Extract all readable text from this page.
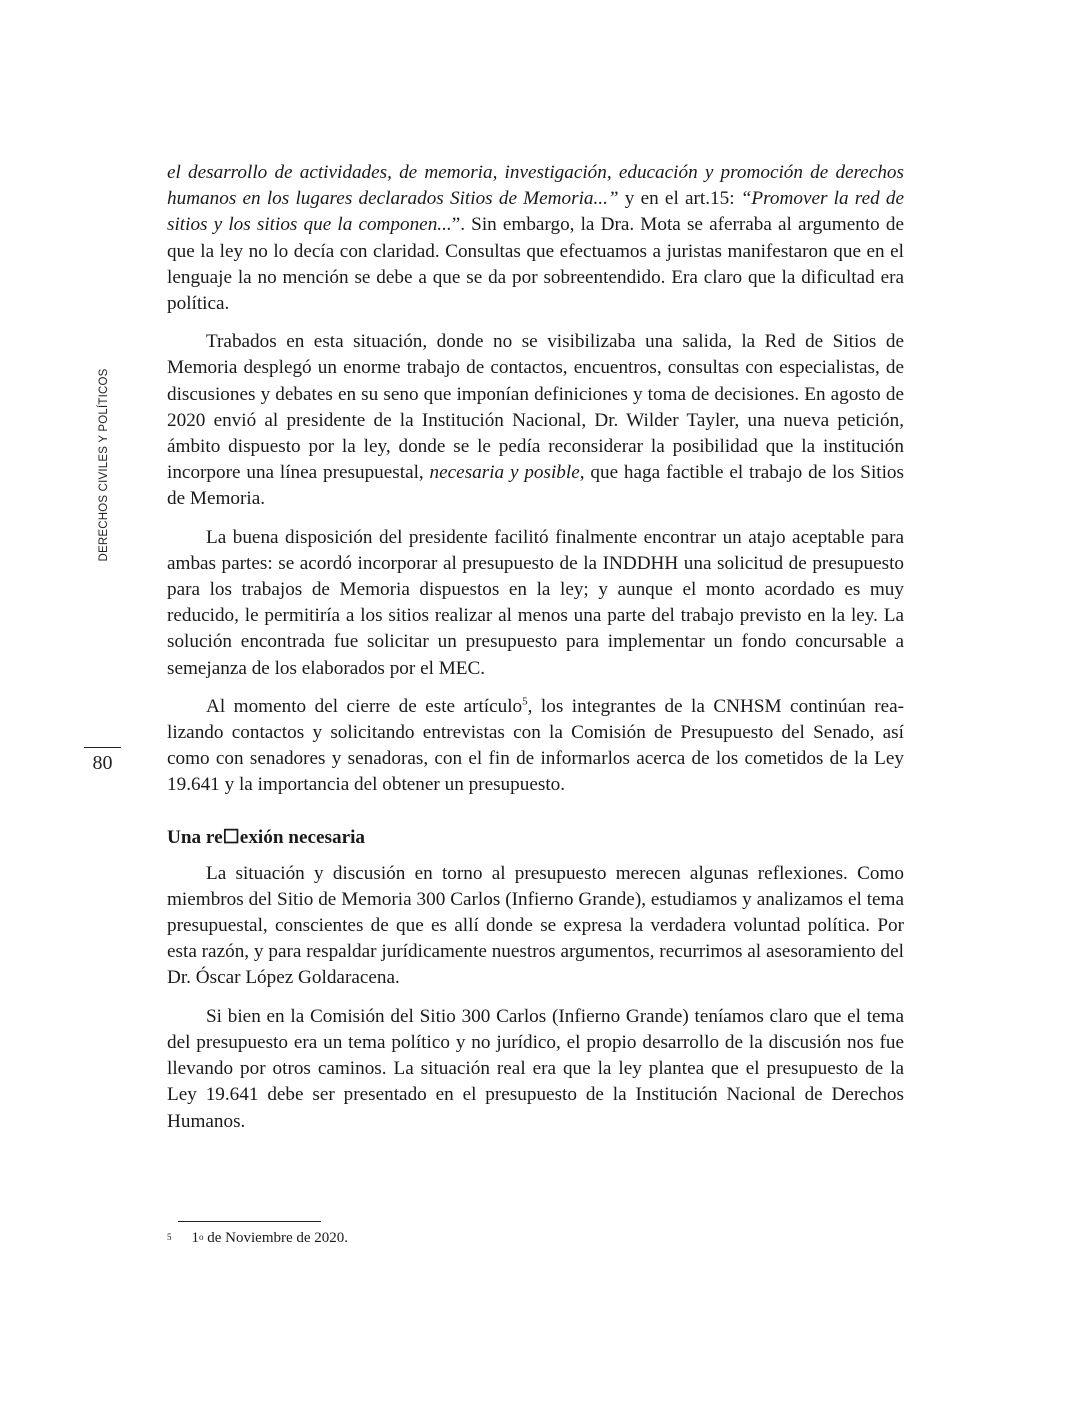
DERECHOS CIVILES Y POLÍTICOS
80

el desarrollo de actividades, de memoria, investigación, educación y promoción de derechos humanos en los lugares declarados Sitios de Memoria...” y en el art.15: “Promover la red de sitios y los sitios que la componen...”. Sin embargo, la Dra. Mota se aferraba al argumento de que la ley no lo decía con claridad. Consultas que efectuamos a juristas manifestaron que en el lenguaje la no mención se debe a que se da por sobreentendido. Era claro que la dificultad era política.

Trabados en esta situación, donde no se visibilizaba una salida, la Red de Sitios de Memoria desplegó un enorme trabajo de contactos, encuentros, consultas con especialistas, de discusiones y debates en su seno que imponían definiciones y toma de decisiones. En agosto de 2020 envió al presidente de la Institución Nacional, Dr. Wilder Tayler, una nueva petición, ámbito dispuesto por la ley, donde se le pedía reconsiderar la posibilidad que la institución incorpore una línea presupuestal, necesaria y posible, que haga factible el trabajo de los Sitios de Memoria.

La buena disposición del presidente facilitó finalmente encontrar un atajo aceptable para ambas partes: se acordó incorporar al presupuesto de la INDDHH una solicitud de presupuesto para los trabajos de Memoria dispuestos en la ley; y aunque el monto acordado es muy reducido, le permitiría a los sitios realizar al menos una parte del trabajo previsto en la ley. La solución encontrada fue solicitar un presupuesto para implementar un fondo concursable a semejanza de los elaborados por el MEC.

Al momento del cierre de este artículo$^5$, los integrantes de la CNHSM continúan realizando contactos y solicitando entrevistas con la Comisión de Presupuesto del Senado, así como con senadores y senadoras, con el fin de informarlos acerca de los cometidos de la Ley 19.641 y la importancia del obtener un presupuesto.

Una re☐exión necesaria

La situación y discusión en torno al presupuesto merecen algunas reflexiones. Como miembros del Sitio de Memoria 300 Carlos (Infierno Grande), estudiamos y analizamos el tema presupuestal, conscientes de que es allí donde se expresa la verdadera voluntad política. Por esta razón, y para respaldar jurídicamente nuestros argumentos, recurrimos al asesoramiento del Dr. Óscar López Goldaracena.

Si bien en la Comisión del Sitio 300 Carlos (Infierno Grande) teníamos claro que el tema del presupuesto era un tema político y no jurídico, el propio desarrollo de la discusión nos fue llevando por otros caminos. La situación real era que la ley plantea que el presupuesto de la Ley 19.641 debe ser presentado en el presupuesto de la Institución Nacional de Derechos Humanos.

$^5$ 1$^o$ de Noviembre de 2020.
